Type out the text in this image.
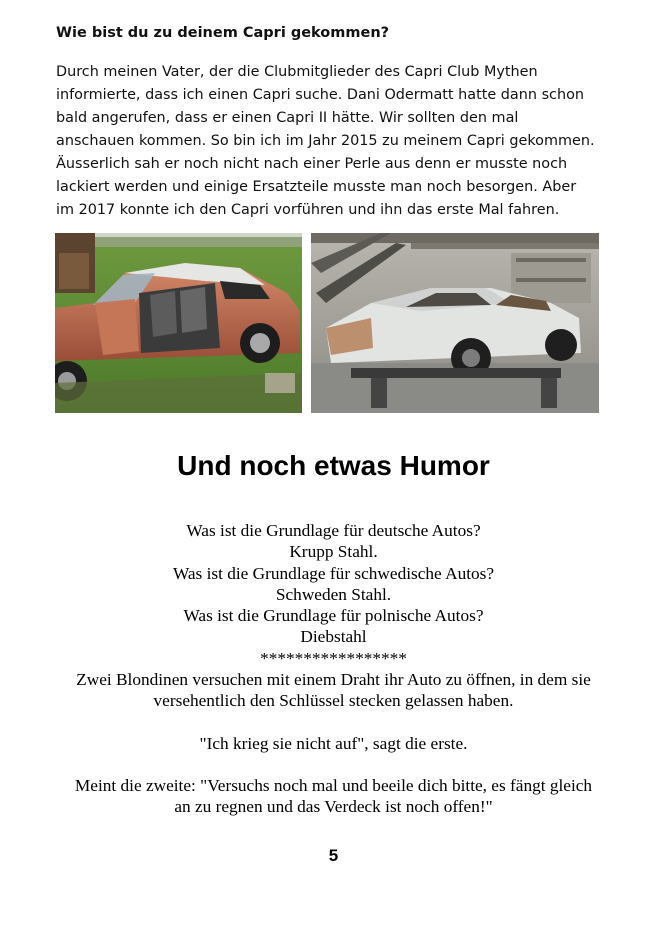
Wie bist du zu deinem Capri gekommen?
Durch meinen Vater, der die Clubmitglieder des Capri Club Mythen
informierte, dass ich einen Capri suche. Dani Odermatt hatte dann schon
bald angerufen, dass er einen Capri II hätte. Wir sollten den mal
anschauen kommen. So bin ich im Jahr 2015 zu meinem Capri gekommen.
Äusserlich sah er noch nicht nach einer Perle aus denn er musste noch
lackiert werden und einige Ersatzteile musste man noch besorgen. Aber
im 2017 konnte ich den Capri vorführen und ihn das erste Mal fahren.
Und noch etwas Humor
Was ist die Grundlage für deutsche Autos?
Krupp Stahl.
Was ist die Grundlage für schwedische Autos?
Schweden Stahl.
Was ist die Grundlage für polnische Autos?
Diebstahl
*****************
Zwei Blondinen versuchen mit einem Draht ihr Auto zu öffnen, in dem sie
versehentlich den Schlüssel stecken gelassen haben.
"Ich krieg sie nicht auf", sagt die erste.
Meint die zweite: "Versuchs noch mal und beeile dich bitte, es fängt gleich
an zu regnen und das Verdeck ist noch offen!"
5
